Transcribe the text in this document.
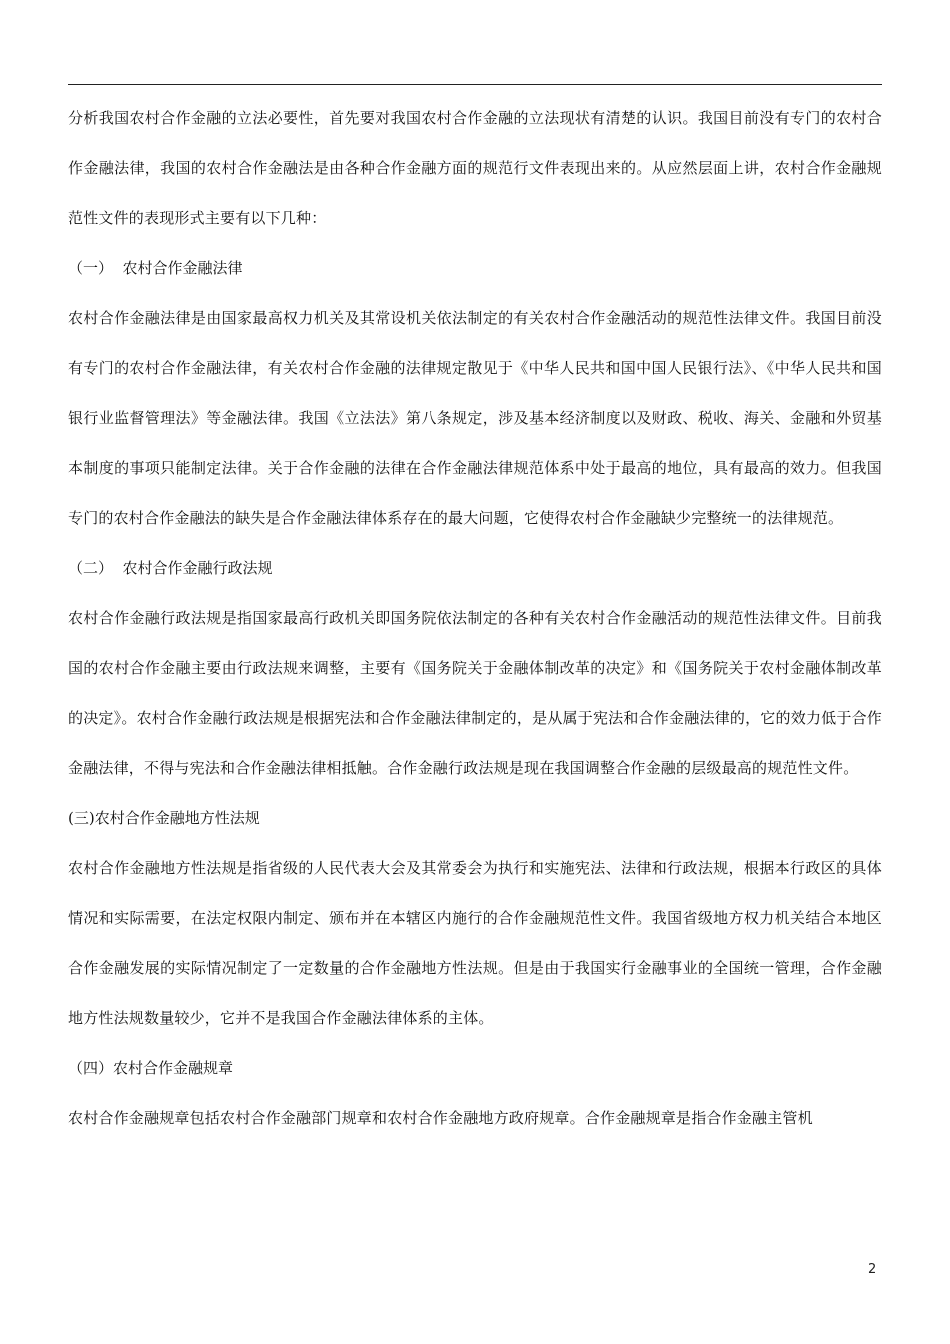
分析我国农村合作金融的立法必要性，首先要对我国农村合作金融的立法现状有清楚的认识。我国目前没有专门的农村合作金融法律，我国的农村合作金融法是由各种合作金融方面的规范行文件表现出来的。从应然层面上讲，农村合作金融规范性文件的表现形式主要有以下几种：

（一）  农村合作金融法律

农村合作金融法律是由国家最高权力机关及其常设机关依法制定的有关农村合作金融活动的规范性法律文件。我国目前没有专门的农村合作金融法律，有关农村合作金融的法律规定散见于《中华人民共和国中国人民银行法》、《中华人民共和国银行业监督管理法》等金融法律。我国《立法法》第八条规定，涉及基本经济制度以及财政、税收、海关、金融和外贸基本制度的事项只能制定法律。关于合作金融的法律在合作金融法律规范体系中处于最高的地位，具有最高的效力。但我国专门的农村合作金融法的缺失是合作金融法律体系存在的最大问题，它使得农村合作金融缺少完整统一的法律规范。

（二）  农村合作金融行政法规

农村合作金融行政法规是指国家最高行政机关即国务院依法制定的各种有关农村合作金融活动的规范性法律文件。目前我国的农村合作金融主要由行政法规来调整，主要有《国务院关于金融体制改革的决定》和《国务院关于农村金融体制改革的决定》。农村合作金融行政法规是根据宪法和合作金融法律制定的，是从属于宪法和合作金融法律的，它的效力低于合作金融法律，不得与宪法和合作金融法律相抵触。合作金融行政法规是现在我国调整合作金融的层级最高的规范性文件。

(三)农村合作金融地方性法规

农村合作金融地方性法规是指省级的人民代表大会及其常委会为执行和实施宪法、法律和行政法规，根据本行政区的具体情况和实际需要，在法定权限内制定、颁布并在本辖区内施行的合作金融规范性文件。我国省级地方权力机关结合本地区合作金融发展的实际情况制定了一定数量的合作金融地方性法规。但是由于我国实行金融事业的全国统一管理，合作金融地方性法规数量较少，它并不是我国合作金融法律体系的主体。

（四）农村合作金融规章

农村合作金融规章包括农村合作金融部门规章和农村合作金融地方政府规章。合作金融规章是指合作金融主管机

2
